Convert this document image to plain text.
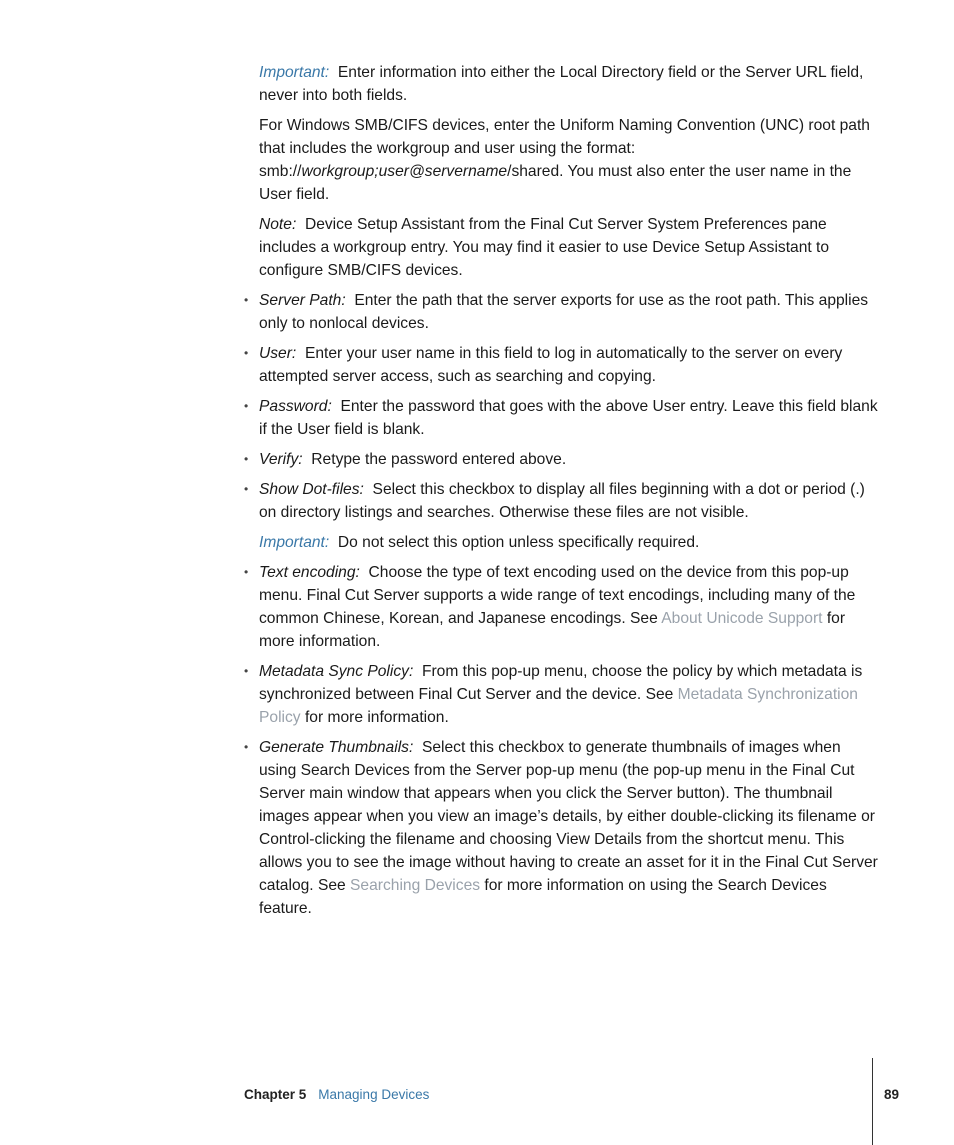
Important: Enter information into either the Local Directory field or the Server URL field, never into both fields.

For Windows SMB/CIFS devices, enter the Uniform Naming Convention (UNC) root path that includes the workgroup and user using the format: smb://workgroup;user@servername/shared. You must also enter the user name in the User field.

Note: Device Setup Assistant from the Final Cut Server System Preferences pane includes a workgroup entry. You may find it easier to use Device Setup Assistant to configure SMB/CIFS devices.

• Server Path: Enter the path that the server exports for use as the root path. This applies only to nonlocal devices.

• User: Enter your user name in this field to log in automatically to the server on every attempted server access, such as searching and copying.

• Password: Enter the password that goes with the above User entry. Leave this field blank if the User field is blank.

• Verify: Retype the password entered above.

• Show Dot-files: Select this checkbox to display all files beginning with a dot or period (.) on directory listings and searches. Otherwise these files are not visible.

Important: Do not select this option unless specifically required.

• Text encoding: Choose the type of text encoding used on the device from this pop-up menu. Final Cut Server supports a wide range of text encodings, including many of the common Chinese, Korean, and Japanese encodings. See About Unicode Support for more information.

• Metadata Sync Policy: From this pop-up menu, choose the policy by which metadata is synchronized between Final Cut Server and the device. See Metadata Synchronization Policy for more information.

• Generate Thumbnails: Select this checkbox to generate thumbnails of images when using Search Devices from the Server pop-up menu (the pop-up menu in the Final Cut Server main window that appears when you click the Server button). The thumbnail images appear when you view an image’s details, by either double-clicking its filename or Control-clicking the filename and choosing View Details from the shortcut menu. This allows you to see the image without having to create an asset for it in the Final Cut Server catalog. See Searching Devices for more information on using the Search Devices feature.

Chapter 5 Managing Devices	89
